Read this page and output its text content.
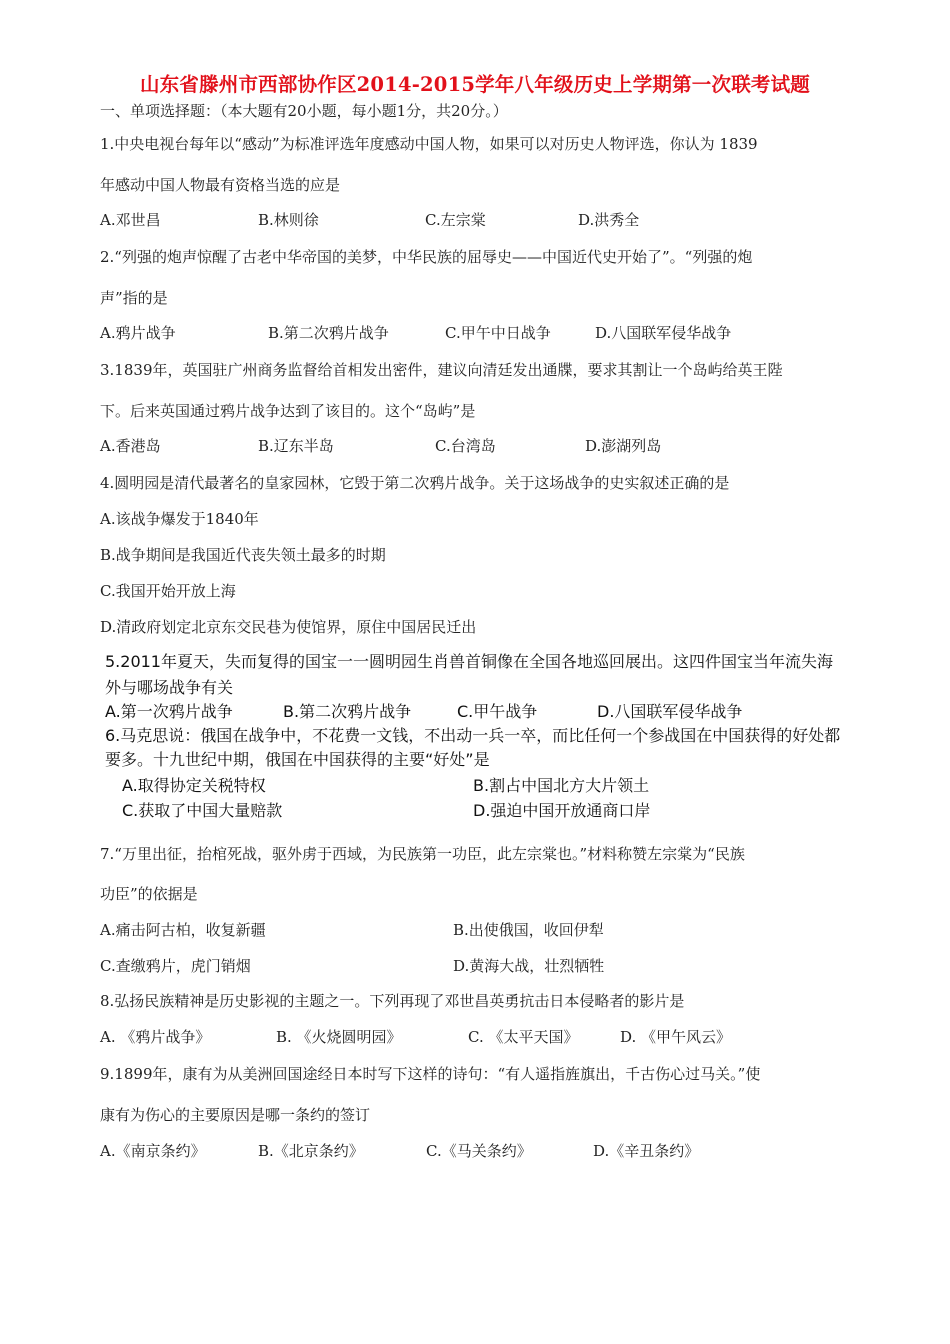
山东省滕州市西部协作区2014-2015学年八年级历史上学期第一次联考试题
一、单项选择题：（本大题有20小题，每小题1分，共20分。）
1.中央电视台每年以“感动”为标准评选年度感动中国人物，如果可以对历史人物评选，你认为 1839
年感动中国人物最有资格当选的应是
A.邓世昌	B.林则徐	C.左宗棠	D.洪秀全
2.“列强的炮声惊醒了古老中华帝国的美梦，中华民族的屈辱史——中国近代史开始了”。“列强的炮
声”指的是
A.鸦片战争	B.第二次鸦片战争	C.甲午中日战争	D.八国联军侵华战争
3.1839年，英国驻广州商务监督给首相发出密件，建议向清廷发出通牒，要求其割让一个岛屿给英王陛
下。后来英国通过鸦片战争达到了该目的。这个“岛屿”是
A.香港岛	B.辽东半岛	C.台湾岛	D.澎湖列岛
4.圆明园是清代最著名的皇家园林，它毁于第二次鸦片战争。关于这场战争的史实叙述正确的是
A.该战争爆发于1840年
B.战争期间是我国近代丧失领土最多的时期
C.我国开始开放上海
D.清政府划定北京东交民巷为使馆界，原住中国居民迁出
5.2011年夏天，失而复得的国宝一一圆明园生肖兽首铜像在全国各地巡回展出。这四件国宝当年流失海
外与哪场战争有关
A.第一次鸦片战争	B.第二次鸦片战争	C.甲午战争	D.八国联军侵华战争
6.马克思说：俄国在战争中，不花费一文钱，不出动一兵一卒，而比任何一个参战国在中国获得的好处都
要多。十九世纪中期，俄国在中国获得的主要“好处”是
A.取得协定关税特权	B.割占中国北方大片领土
C.获取了中国大量赔款	D.强迫中国开放通商口岸
7.“万里出征，抬棺死战，驱外虏于西域，为民族第一功臣，此左宗棠也。”材料称赞左宗棠为“民族
功臣”的依据是
A.痛击阿古柏，收复新疆	B.出使俄国，收回伊犁
C.查缴鸦片，虎门销烟	D.黄海大战，壮烈牺牲
8.弘扬民族精神是历史影视的主题之一。下列再现了邓世昌英勇抗击日本侵略者的影片是
A. 《鸦片战争》	B. 《火烧圆明园》	C. 《太平天国》	D. 《甲午风云》
9.1899年，康有为从美洲回国途经日本时写下这样的诗句：“有人遥指旌旗出，千古伤心过马关。”使
康有为伤心的主要原因是哪一条约的签订
A.《南京条约》	B.《北京条约》	C.《马关条约》	D.《辛丑条约》
